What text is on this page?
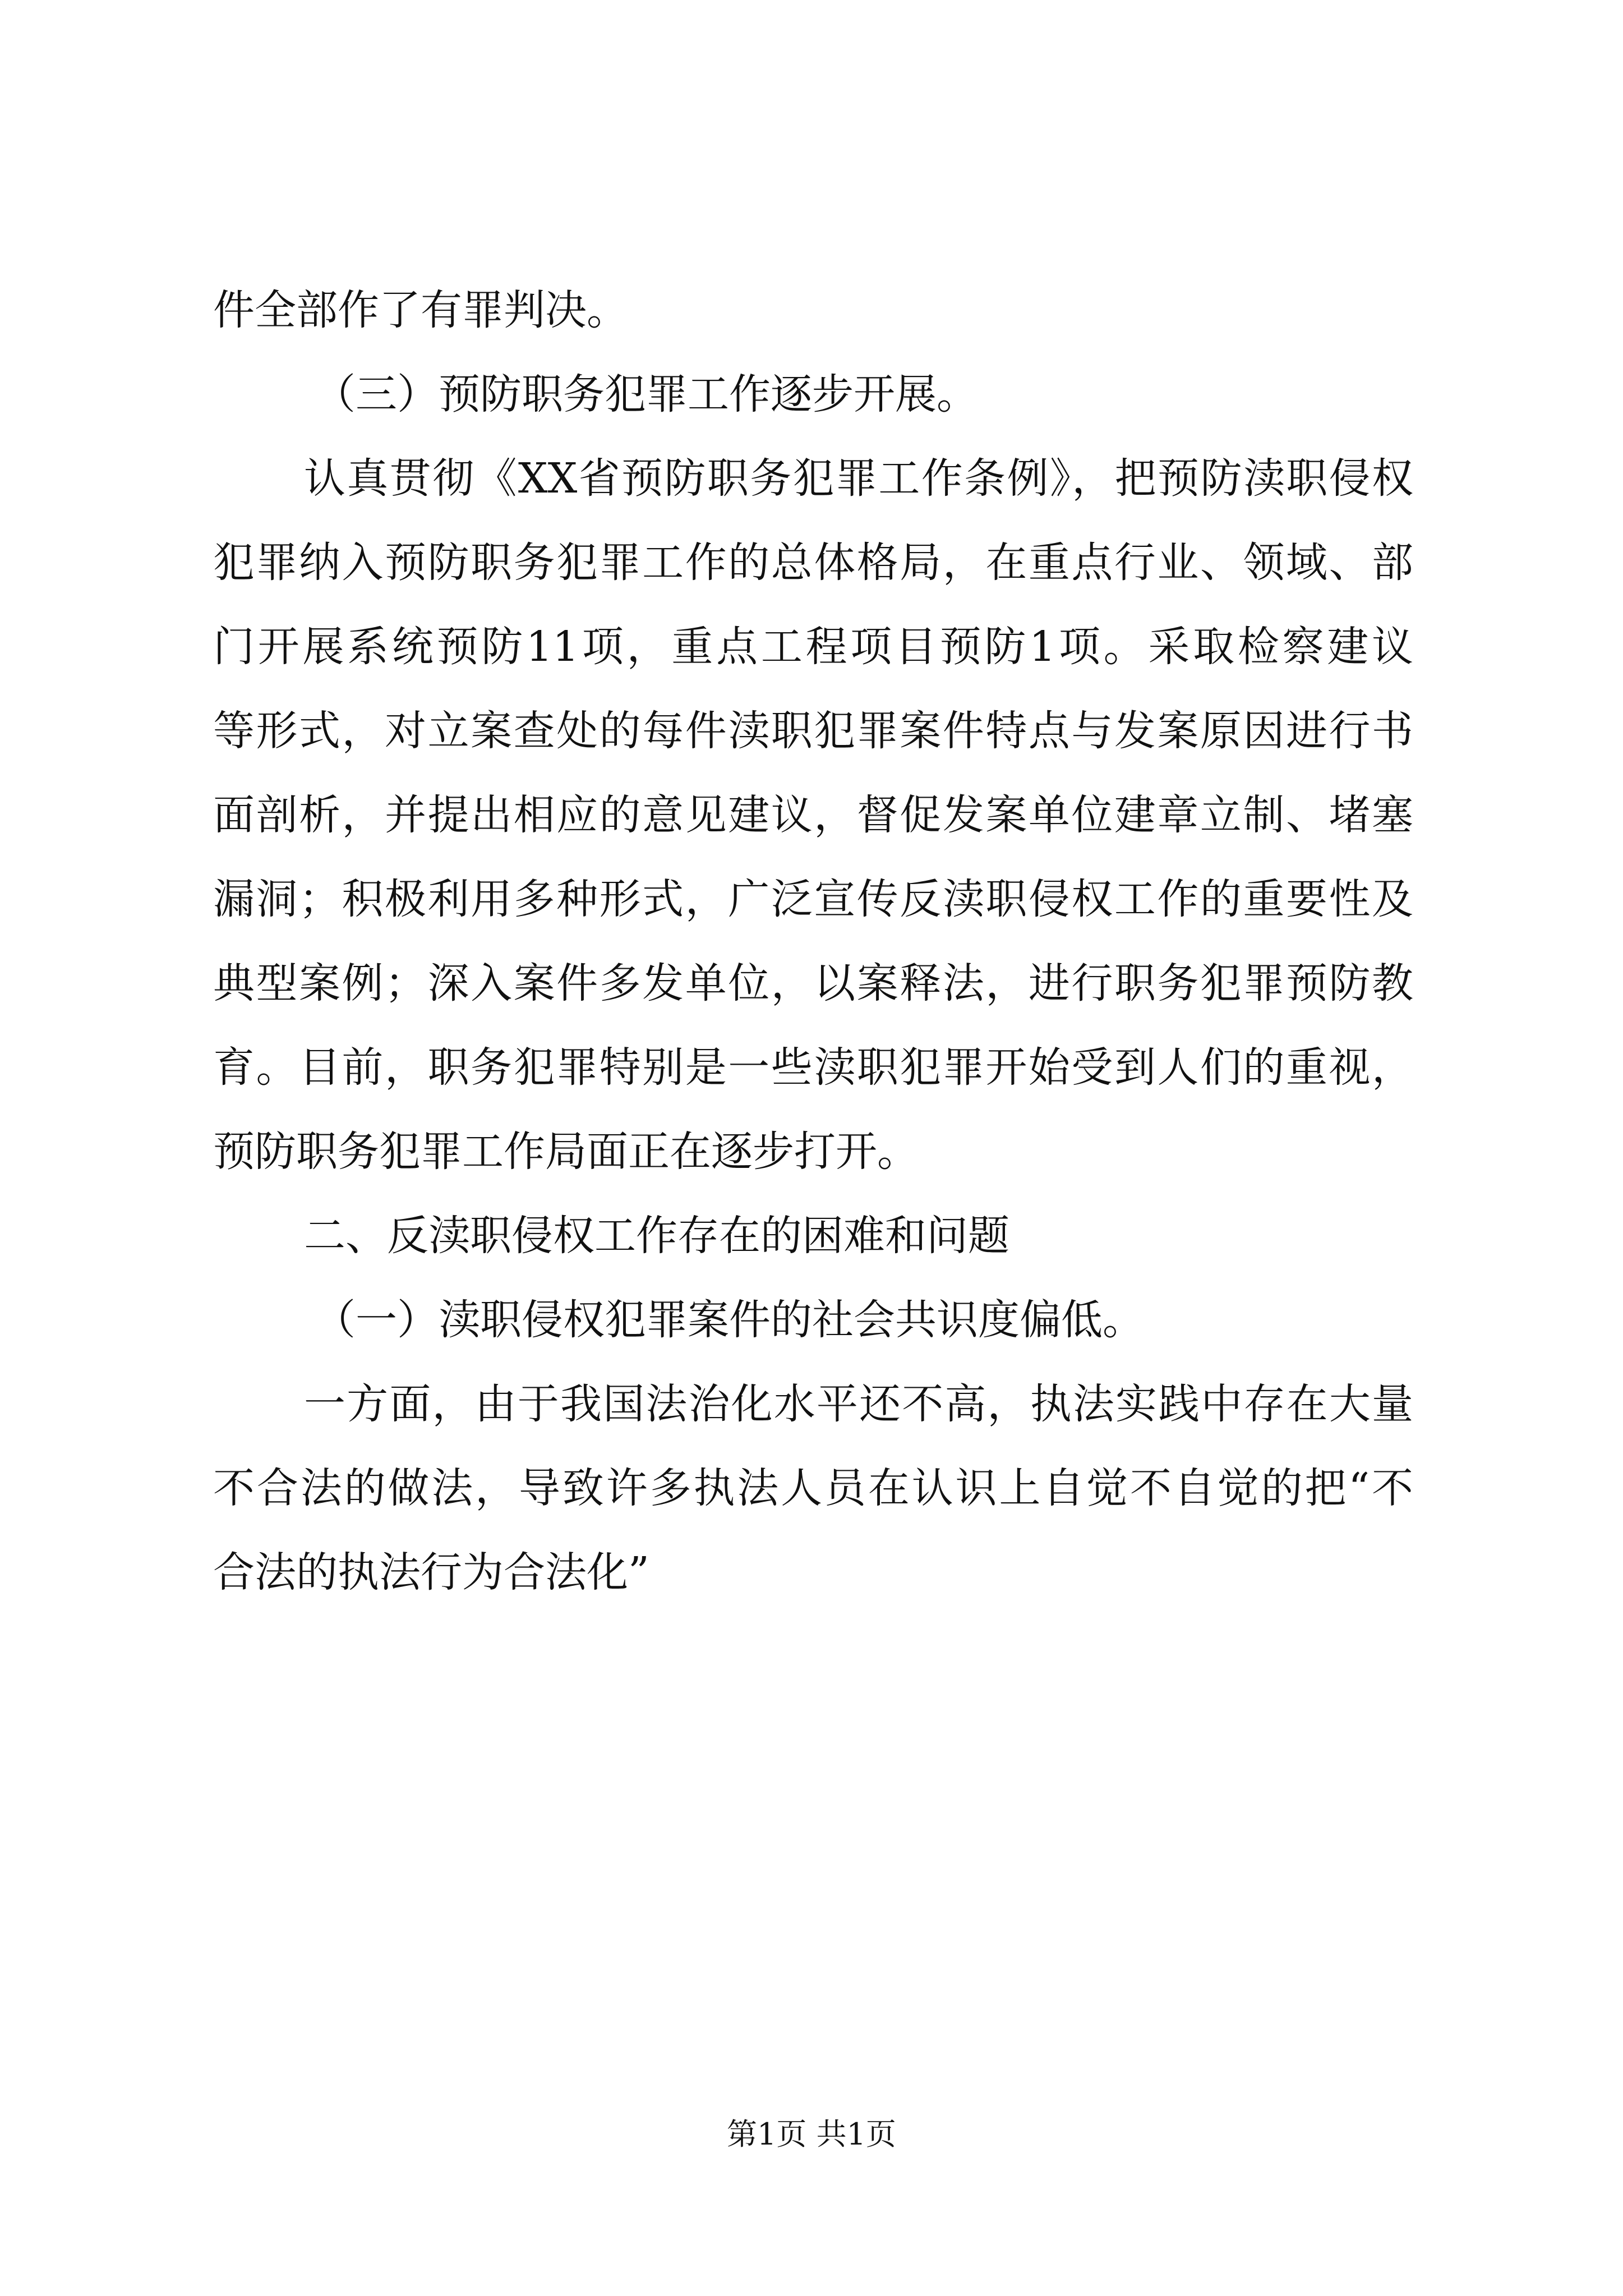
件全部作了有罪判决。
（三）预防职务犯罪工作逐步开展。
认真贯彻《XX省预防职务犯罪工作条例》，把预防渎职侵权
犯罪纳入预防职务犯罪工作的总体格局，在重点行业、领域、部
门开展系统预防11项，重点工程项目预防1项。采取检察建议
等形式，对立案查处的每件渎职犯罪案件特点与发案原因进行书
面剖析，并提出相应的意见建议，督促发案单位建章立制、堵塞
漏洞；积极利用多种形式，广泛宣传反渎职侵权工作的重要性及
典型案例；深入案件多发单位，以案释法，进行职务犯罪预防教
育。目前，职务犯罪特别是一些渎职犯罪开始受到人们的重视，
预防职务犯罪工作局面正在逐步打开。
二、反渎职侵权工作存在的困难和问题
（一）渎职侵权犯罪案件的社会共识度偏低。
一方面，由于我国法治化水平还不高，执法实践中存在大量
不合法的做法，导致许多执法人员在认识上自觉不自觉的把“不
合法的执法行为合法化”
第1页 共1页
